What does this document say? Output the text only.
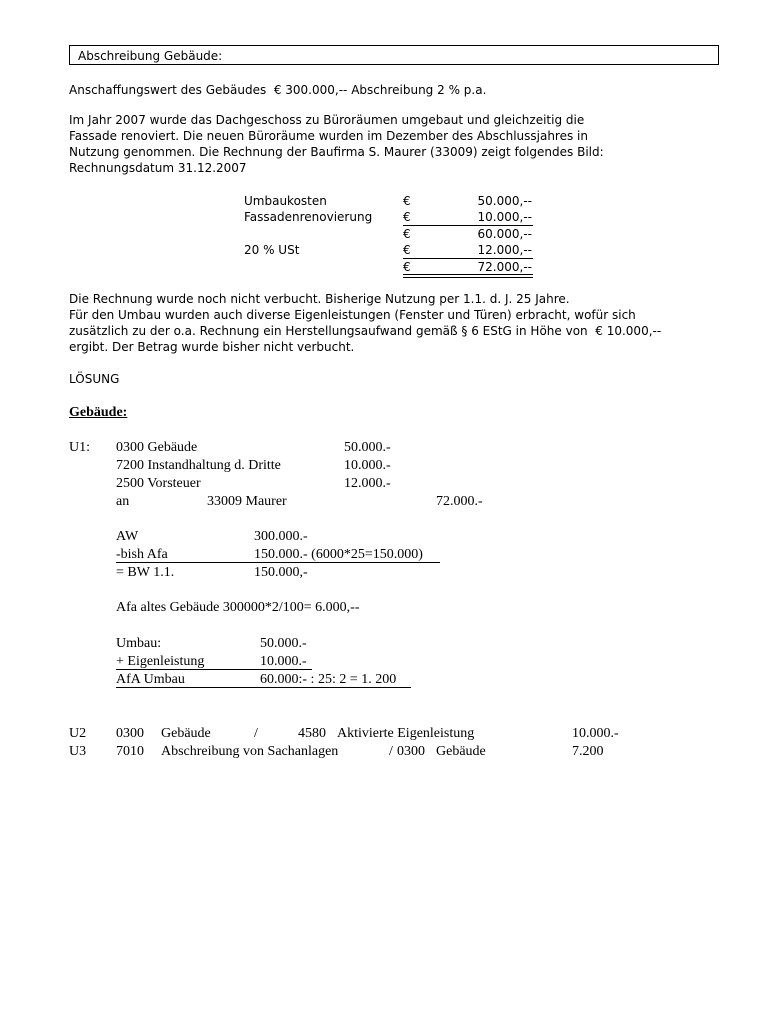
Abschreibung Gebäude:
Anschaffungswert des Gebäudes  € 300.000,-- Abschreibung 2 % p.a.
Im Jahr 2007 wurde das Dachgeschoss zu Büroräumen umgebaut und gleichzeitig die
Fassade renoviert. Die neuen Büroräume wurden im Dezember des Abschlussjahres in
Nutzung genommen. Die Rechnung der Baufirma S. Maurer (33009) zeigt folgendes Bild:
Rechnungsdatum 31.12.2007
Umbaukosten	€	50.000,--
Fassadenrenovierung	€	10.000,--
€	60.000,--
20 % USt	€	12.000,--
€	72.000,--
Die Rechnung wurde noch nicht verbucht. Bisherige Nutzung per 1.1. d. J. 25 Jahre.
Für den Umbau wurden auch diverse Eigenleistungen (Fenster und Türen) erbracht, wofür sich
zusätzlich zu der o.a. Rechnung ein Herstellungsaufwand gemäß § 6 EStG in Höhe von  € 10.000,--
ergibt. Der Betrag wurde bisher nicht verbucht.
LÖSUNG
Gebäude:
U1: 0300 Gebäude	50.000.-
7200 Instandhaltung d. Dritte	10.000.-
2500 Vorsteuer	12.000.-
an	33009 Maurer	72.000.-
AW	300.000.-
-bish Afa	150.000.- (6000*25=150.000)
= BW 1.1.	150.000,-
Afa altes Gebäude 300000*2/100= 6.000,--
Umbau:	50.000.-
+ Eigenleistung	10.000.-
AfA Umbau	60.000:- : 25: 2 = 1. 200
U2 0300 Gebäude	/	4580 Aktivierte Eigenleistung	10.000.-
U3 7010 Abschreibung von Sachanlagen	/ 0300 Gebäude	7.200
